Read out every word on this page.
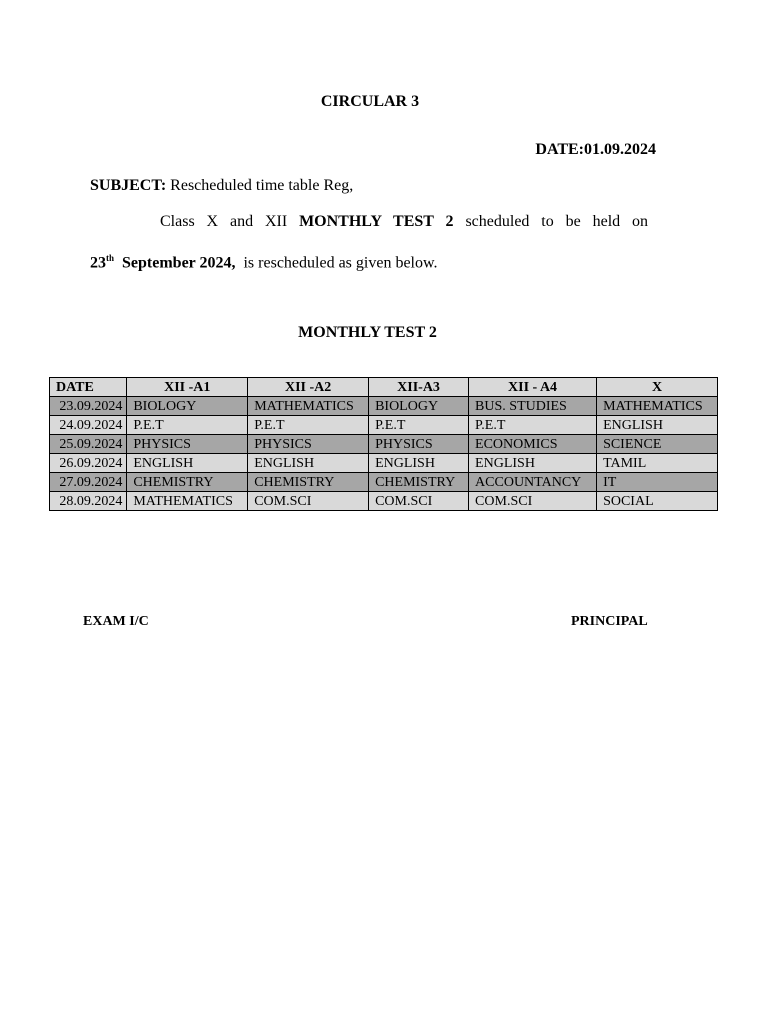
CIRCULAR 3
DATE:01.09.2024
SUBJECT: Rescheduled time table Reg,
Class X and XII MONTHLY TEST 2 scheduled to be held on
23th September 2024, is rescheduled as given below.
MONTHLY TEST 2
DATE	XII -A1	XII -A2	XII-A3	XII - A4	X
23.09.2024	BIOLOGY	MATHEMATICS	BIOLOGY	BUS. STUDIES	MATHEMATICS
24.09.2024	P.E.T	P.E.T	P.E.T	P.E.T	ENGLISH
25.09.2024	PHYSICS	PHYSICS	PHYSICS	ECONOMICS	SCIENCE
26.09.2024	ENGLISH	ENGLISH	ENGLISH	ENGLISH	TAMIL
27.09.2024	CHEMISTRY	CHEMISTRY	CHEMISTRY	ACCOUNTANCY	IT
28.09.2024	MATHEMATICS	COM.SCI	COM.SCI	COM.SCI	SOCIAL
EXAM I/C	PRINCIPAL
